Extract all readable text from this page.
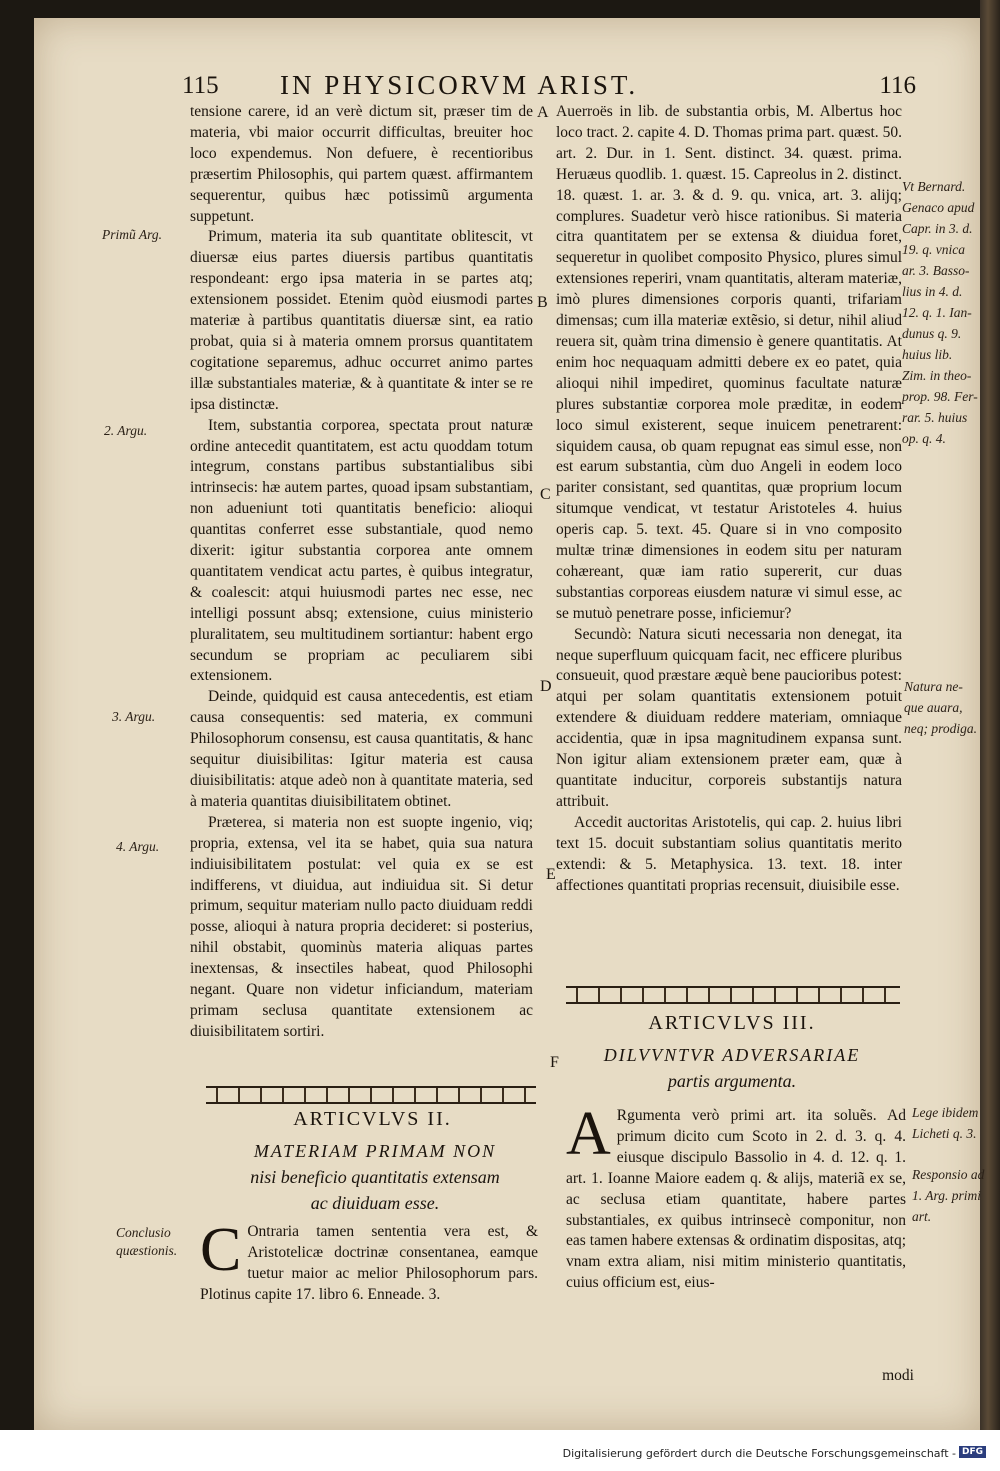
115 IN PHYSICORVM ARIST.	116

tensione carere, id an verè dictum sit, præser tim de materia, vbi maior occurrit difficultas, breuiter hoc loco expendemus. Non defuere, è recentioribus præsertim Philosophis, qui partem quæst. affirmantem sequerentur, quibus hæc potissimũ argumenta suppetunt.

Primum, materia ita sub quantitate oblitescit, vt diuersæ eius partes diuersis partibus quantitatis respondeant: ergo ipsa materia in se partes atq; extensionem possidet. Etenim quòd eiusmodi partes materiæ à partibus quantitatis diuersæ sint, ea ratio probat, quia si à materia omnem prorsus quantitatem cogitatione separemus, adhuc occurret animo partes illæ substantiales materiæ, & à quantitate & inter se re ipsa distinctæ.

Item, substantia corporea, spectata prout naturæ ordine antecedit quantitatem, est actu quoddam totum integrum, constans partibus substantialibus sibi intrinsecis: hæ autem partes, quoad ipsam substantiam, non adueniunt toti quantitatis beneficio: alioqui quantitas conferret esse substantiale, quod nemo dixerit: igitur substantia corporea ante omnem quantitatem vendicat actu partes, è quibus integratur, & coalescit: atqui huiusmodi partes nec esse, nec intelligi possunt absq; extensione, cuius ministerio pluralitatem, seu multitudinem sortiantur: habent ergo secundum se propriam ac peculiarem sibi extensionem.

Deinde, quidquid est causa antecedentis, est etiam causa consequentis: sed materia, ex communi Philosophorum consensu, est causa quantitatis, & hanc sequitur diuisibilitas: Igitur materia est causa diuisibilitatis: atque adeò non à quantitate materia, sed à materia quantitas diuisibilitatem obtinet.

Præterea, si materia non est suopte ingenio, viq; propria, extensa, vel ita se habet, quia sua natura indiuisibilitatem postulat: vel quia ex se est indifferens, vt diuidua, aut indiuidua sit. Si detur primum, sequitur materiam nullo pacto diuiduam reddi posse, alioqui à natura propria decideret: si posterius, nihil obstabit, quominùs materia aliquas partes inextensas, & insectiles habeat, quod Philosophi negant. Quare non videtur inficiandum, materiam primam seclusa quantitate extensionem ac diuisibilitatem sortiri.

Auerroës in lib. de substantia orbis, M. Albertus hoc loco tract. 2. capite 4. D. Thomas prima part. quæst. 50. art. 2. Dur. in 1. Sent. distinct. 34. quæst. prima. Heruæus quodlib. 1. quæst. 15. Capreolus in 2. distinct. 18. quæst. 1. ar. 3. & d. 9. qu. vnica, art. 3. alijq; complures. Suadetur verò hisce rationibus. Si materia citra quantitatem per se extensa & diuidua foret, sequeretur in quolibet composito Physico, plures simul extensiones reperiri, vnam quantitatis, alteram materiæ, imò plures dimensiones corporis quanti, trifariam dimensas; cum illa materiæ extẽsio, si detur, nihil aliud reuera sit, quàm trina dimensio è genere quantitatis. At enim hoc nequaquam admitti debere ex eo patet, quia alioqui nihil impediret, quominus facultate naturæ plures substantiæ corporea mole præditæ, in eodem loco simul existerent, seque inuicem penetrarent: siquidem causa, ob quam repugnat eas simul esse, non est earum substantia, cùm duo Angeli in eodem loco pariter consistant, sed quantitas, quæ proprium locum situmque vendicat, vt testatur Aristoteles 4. huius operis cap. 5. text. 45. Quare si in vno composito multæ trinæ dimensiones in eodem situ per naturam cohæreant, quæ iam ratio supererit, cur duas substantias corporeas eiusdem naturæ vi simul esse, ac se mutuò penetrare posse, inficiemur?

Secundò: Natura sicuti necessaria non denegat, ita neque superfluum quicquam facit, nec efficere pluribus consueuit, quod præstare æquè bene paucioribus potest: atqui per solam quantitatis extensionem potuit extendere & diuiduam reddere materiam, omniaque accidentia, quæ in ipsa magnitudinem expansa sunt. Non igitur aliam extensionem præter eam, quæ à quantitate inducitur, corporeis substantijs natura attribuit.

Accedit auctoritas Aristotelis, qui cap. 2. huius libri text 15. docuit substantiam solius quantitatis merito extendi: & 5. Metaphysica. 13. text. 18. inter affectiones quantitati proprias recensuit, diuisibile esse.

A
B
C
D
E
F
Primũ Arg.
2. Argu.
3. Argu.
4. Argu.
Conclusio
quæstionis.
Vt Bernard.
Genaco apud
Capr. in 3. d.
19. q. vnica
ar. 3. Basso-
lius in 4. d.
12. q. 1. Ian-
dunus q. 9.
huius lib.
Zim. in theo-
prop. 98. Fer-
rar. 5. huius
op. q. 4.
Natura ne-
que auara,
neq; prodiga.
Lege ibidem
Licheti q. 3.
Responsio ad
1. Arg. primi
art.
ARTICVLVS II.
MATERIAM PRIMAM NON
nisi beneficio quantitatis extensam
ac diuiduam esse.
C Ontraria tamen sententia vera est, & Aristotelicæ doctrinæ consentanea, eamque tuetur maior ac melior Philosophorum pars. Plotinus capite 17. libro 6. Enneade. 3.
ARTICVLVS III.
DILVVNTVR ADVERSARIAE
partis argumenta.
A Rgumenta verò primi art. ita soluẽs. Ad primum dicito cum Scoto in 2. d. 3. q. 4. eiusque discipulo Bassolio in 4. d. 12. q. 1. art. 1. Ioanne Maiore eadem q. & alijs, materiã ex se, ac seclusa etiam quantitate, habere partes substantiales, ex quibus intrinsecè componitur, non eas tamen habere extensas & ordinatim dispositas, atq; vnam extra aliam, nisi mitim ministerio quantitatis, cuius officium est, eius-
modi
Digitalisierung gefördert durch die Deutsche Forschungsgemeinschaft - DFG
